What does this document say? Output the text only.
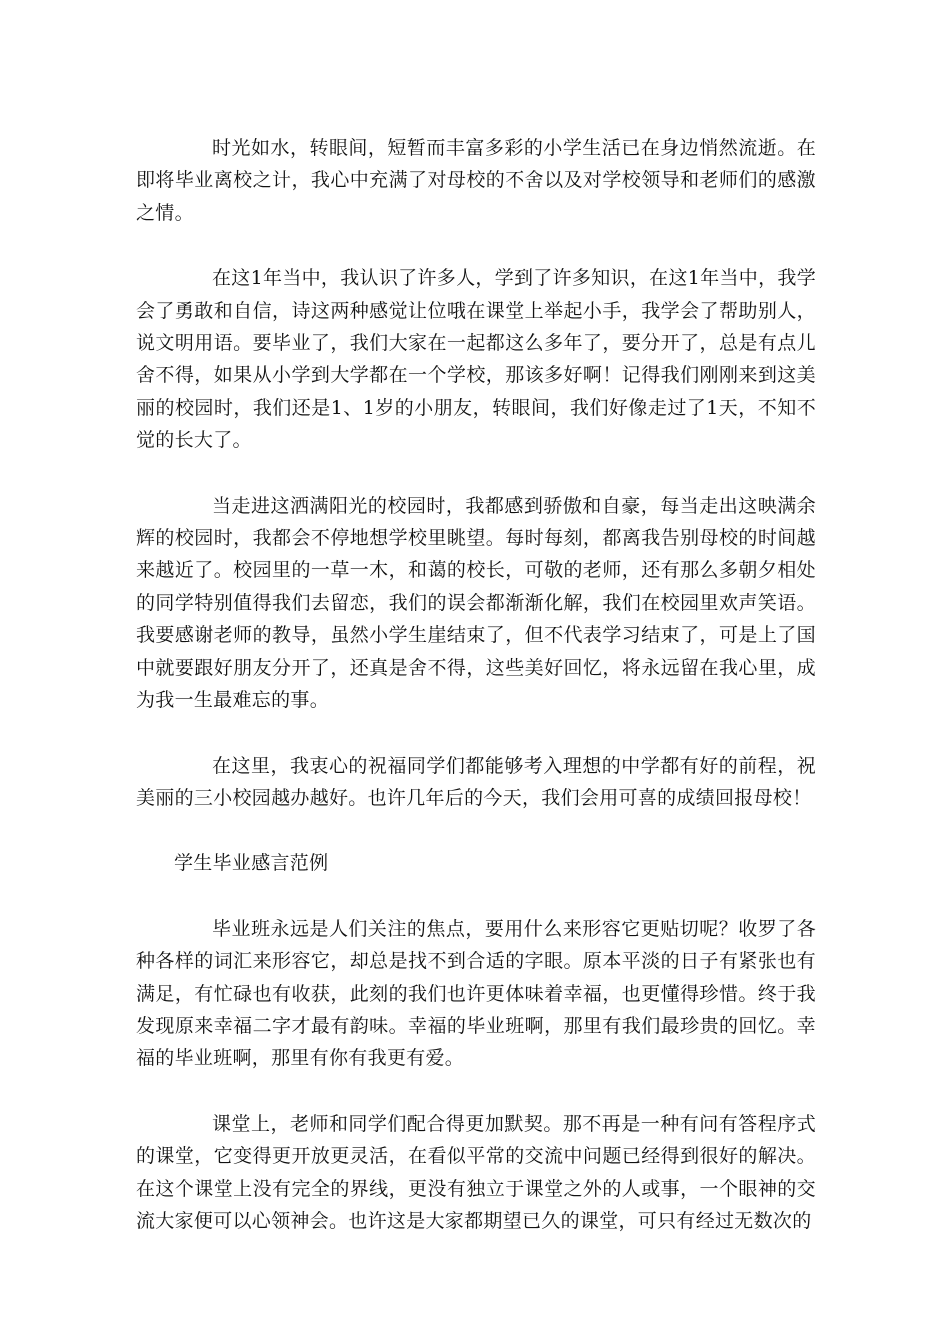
时光如水，转眼间，短暂而丰富多彩的小学生活已在身边悄然流逝。在即将毕业离校之计，我心中充满了对母校的不舍以及对学校领导和老师们的感激之情。

在这1年当中，我认识了许多人，学到了许多知识，在这1年当中，我学会了勇敢和自信，诗这两种感觉让位哦在课堂上举起小手，我学会了帮助别人，说文明用语。要毕业了，我们大家在一起都这么多年了，要分开了，总是有点儿舍不得，如果从小学到大学都在一个学校，那该多好啊！记得我们刚刚来到这美丽的校园时，我们还是1、1岁的小朋友，转眼间，我们好像走过了1天，不知不觉的长大了。

当走进这洒满阳光的校园时，我都感到骄傲和自豪，每当走出这映满余辉的校园时，我都会不停地想学校里眺望。每时每刻，都离我告别母校的时间越来越近了。校园里的一草一木，和蔼的校长，可敬的老师，还有那么多朝夕相处的同学特别值得我们去留恋，我们的误会都渐渐化解，我们在校园里欢声笑语。我要感谢老师的教导，虽然小学生崖结束了，但不代表学习结束了，可是上了国中就要跟好朋友分开了，还真是舍不得，这些美好回忆，将永远留在我心里，成为我一生最难忘的事。

在这里，我衷心的祝福同学们都能够考入理想的中学都有好的前程，祝美丽的三小校园越办越好。也许几年后的今天，我们会用可喜的成绩回报母校！

学生毕业感言范例

毕业班永远是人们关注的焦点，要用什么来形容它更贴切呢？收罗了各种各样的词汇来形容它，却总是找不到合适的字眼。原本平淡的日子有紧张也有满足，有忙碌也有收获，此刻的我们也许更体味着幸福，也更懂得珍惜。终于我发现原来幸福二字才最有韵味。幸福的毕业班啊，那里有我们最珍贵的回忆。幸福的毕业班啊，那里有你有我更有爱。

课堂上，老师和同学们配合得更加默契。那不再是一种有问有答程序式的课堂，它变得更开放更灵活，在看似平常的交流中问题已经得到很好的解决。在这个课堂上没有完全的界线，更没有独立于课堂之外的人或事，一个眼神的交流大家便可以心领神会。也许这是大家都期望已久的课堂，可只有经过无数次的
